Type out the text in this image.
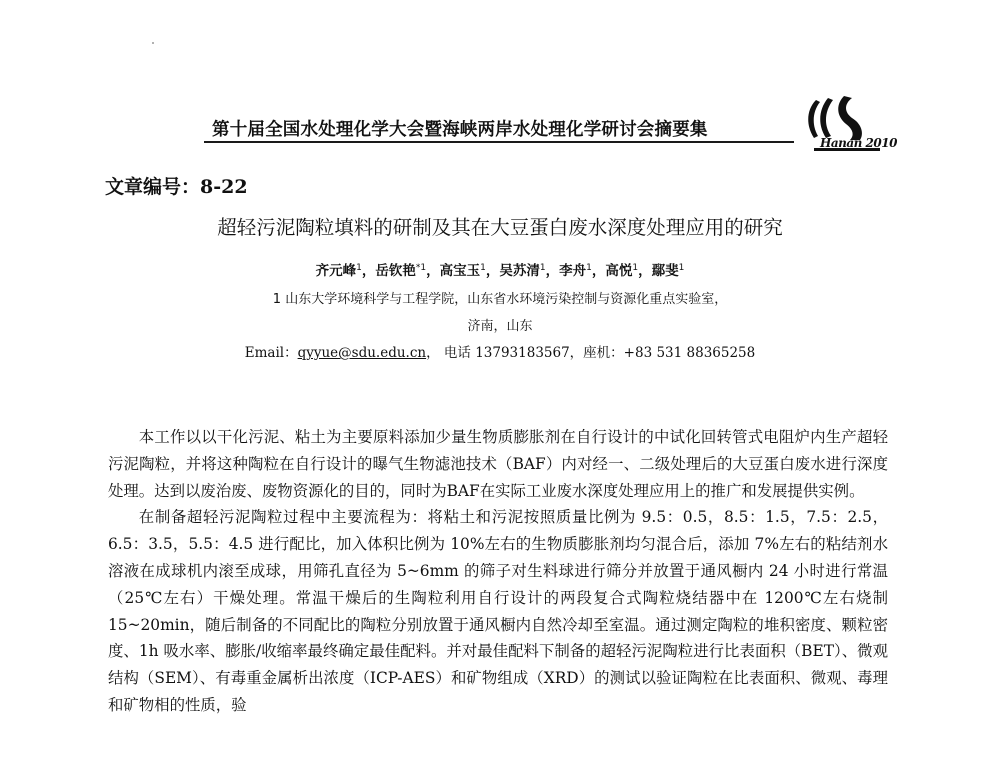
第十届全国水处理化学大会暨海峡两岸水处理化学研讨会摘要集
Hanan 2010
文章编号：8-22
超轻污泥陶粒填料的研制及其在大豆蛋白废水深度处理应用的研究
齐元峰$^1$，岳钦艳$^{*1}$，高宝玉$^1$，吴苏清$^1$，李舟$^1$，高悦$^1$，鄢斐$^1$
1 山东大学环境科学与工程学院，山东省水环境污染控制与资源化重点实验室，
济南，山东
Email：qyyue@sdu.edu.cn， 电话 13793183567，座机：+83 531 88365258

本工作以以干化污泥、粘土为主要原料添加少量生物质膨胀剂在自行设计的中试化回转管式电阻炉内生产超轻污泥陶粒，并将这种陶粒在自行设计的曝气生物滤池技术（BAF）内对经一、二级处理后的大豆蛋白废水进行深度处理。达到以废治废、废物资源化的目的，同时为BAF在实际工业废水深度处理应用上的推广和发展提供实例。

在制备超轻污泥陶粒过程中主要流程为：将粘土和污泥按照质量比例为 9.5：0.5，8.5：1.5，7.5：2.5，6.5：3.5，5.5：4.5 进行配比，加入体积比例为 10%左右的生物质膨胀剂均匀混合后，添加 7%左右的粘结剂水溶液在成球机内滚至成球，用筛孔直径为 5~6mm 的筛子对生料球进行筛分并放置于通风橱内 24 小时进行常温（25℃左右）干燥处理。常温干燥后的生陶粒利用自行设计的两段复合式陶粒烧结器中在 1200℃左右烧制 15~20min，随后制备的不同配比的陶粒分别放置于通风橱内自然冷却至室温。通过测定陶粒的堆积密度、颗粒密度、1h 吸水率、膨胀/收缩率最终确定最佳配料。并对最佳配料下制备的超轻污泥陶粒进行比表面积（BET）、微观结构（SEM）、有毒重金属析出浓度（ICP-AES）和矿物组成（XRD）的测试以验证陶粒在比表面积、微观、毒理和矿物相的性质，验
